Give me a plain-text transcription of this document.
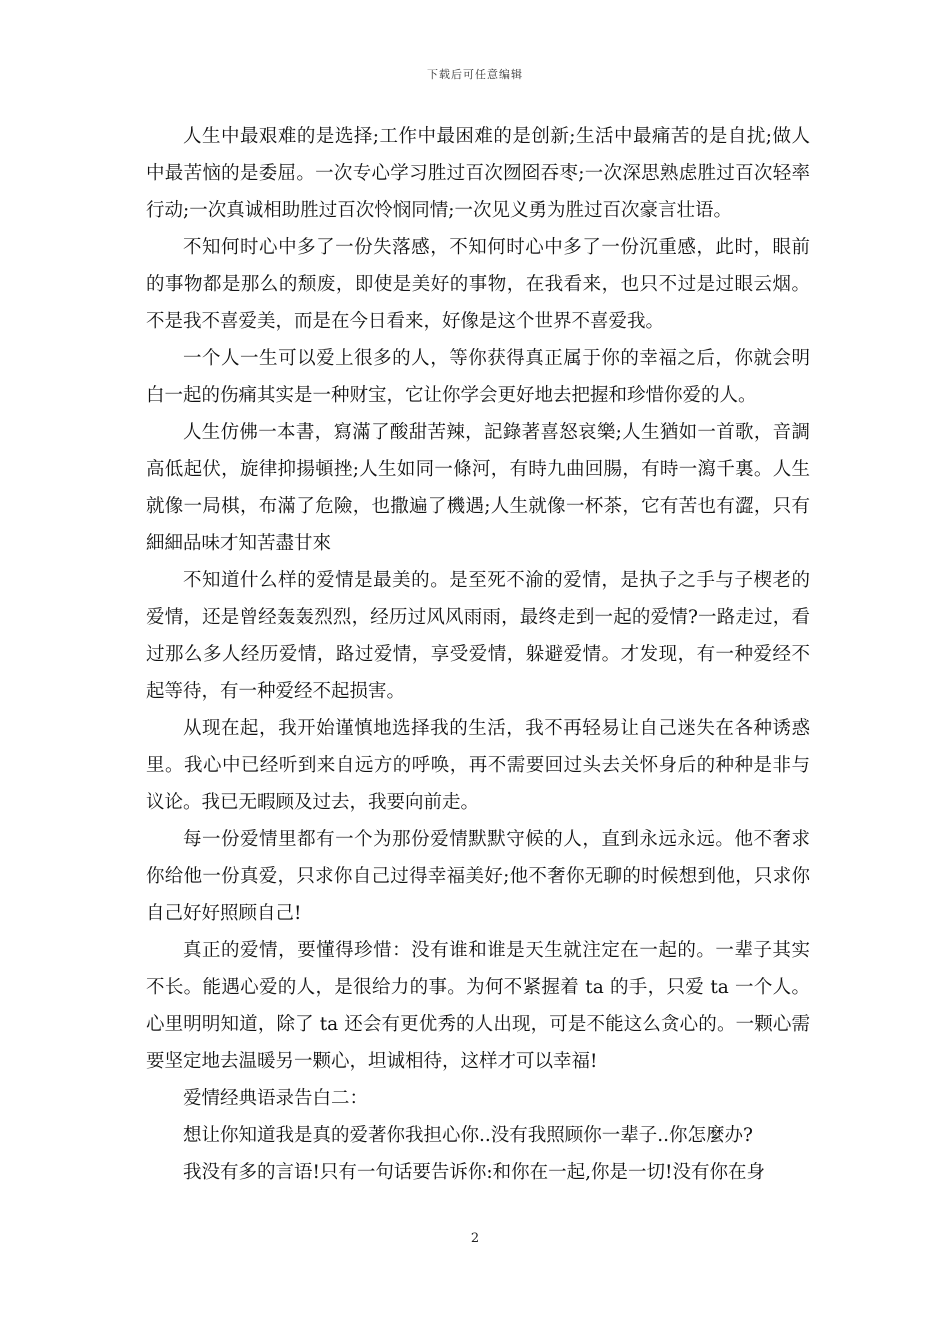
下载后可任意编辑

人生中最艰难的是选择;工作中最困难的是创新;生活中最痛苦的是自扰;做人中最苦恼的是委屈。一次专心学习胜过百次囫囵吞枣;一次深思熟虑胜过百次轻率行动;一次真诚相助胜过百次怜悯同情;一次见义勇为胜过百次豪言壮语。

不知何时心中多了一份失落感，不知何时心中多了一份沉重感，此时，眼前的事物都是那么的颓废，即使是美好的事物，在我看来，也只不过是过眼云烟。不是我不喜爱美，而是在今日看来，好像是这个世界不喜爱我。

一个人一生可以爱上很多的人，等你获得真正属于你的幸福之后，你就会明白一起的伤痛其实是一种财宝，它让你学会更好地去把握和珍惜你爱的人。

人生仿佛一本書，寫滿了酸甜苦辣，記錄著喜怒哀樂;人生猶如一首歌，音調高低起伏，旋律抑揚頓挫;人生如同一條河，有時九曲回腸，有時一瀉千裏。人生就像一局棋，布滿了危險，也撒遍了機遇;人生就像一杯茶，它有苦也有澀，只有細細品味才知苦盡甘來

不知道什么样的爱情是最美的。是至死不渝的爱情，是执子之手与子楔老的爱情，还是曾经轰轰烈烈，经历过风风雨雨，最终走到一起的爱情?一路走过，看过那么多人经历爱情，路过爱情，享受爱情，躲避爱情。才发现，有一种爱经不起等待，有一种爱经不起损害。

从现在起，我开始谨慎地选择我的生活，我不再轻易让自己迷失在各种诱惑里。我心中已经听到来自远方的呼唤，再不需要回过头去关怀身后的种种是非与议论。我已无暇顾及过去，我要向前走。

每一份爱情里都有一个为那份爱情默默守候的人，直到永远永远。他不奢求你给他一份真爱，只求你自己过得幸福美好;他不奢你无聊的时候想到他，只求你自己好好照顾自己!

真正的爱情，要懂得珍惜：没有谁和谁是天生就注定在一起的。一辈子其实不长。能遇心爱的人，是很给力的事。为何不紧握着 ta 的手，只爱 ta 一个人。心里明明知道，除了 ta 还会有更优秀的人出现，可是不能这么贪心的。一颗心需要坚定地去温暖另一颗心，坦诚相待，这样才可以幸福!

爱情经典语录告白二：

想让你知道我是真的爱著你我担心你..没有我照顾你一辈子..你怎麼办?

我没有多的言语!只有一句话要告诉你:和你在一起,你是一切!没有你在身

2
